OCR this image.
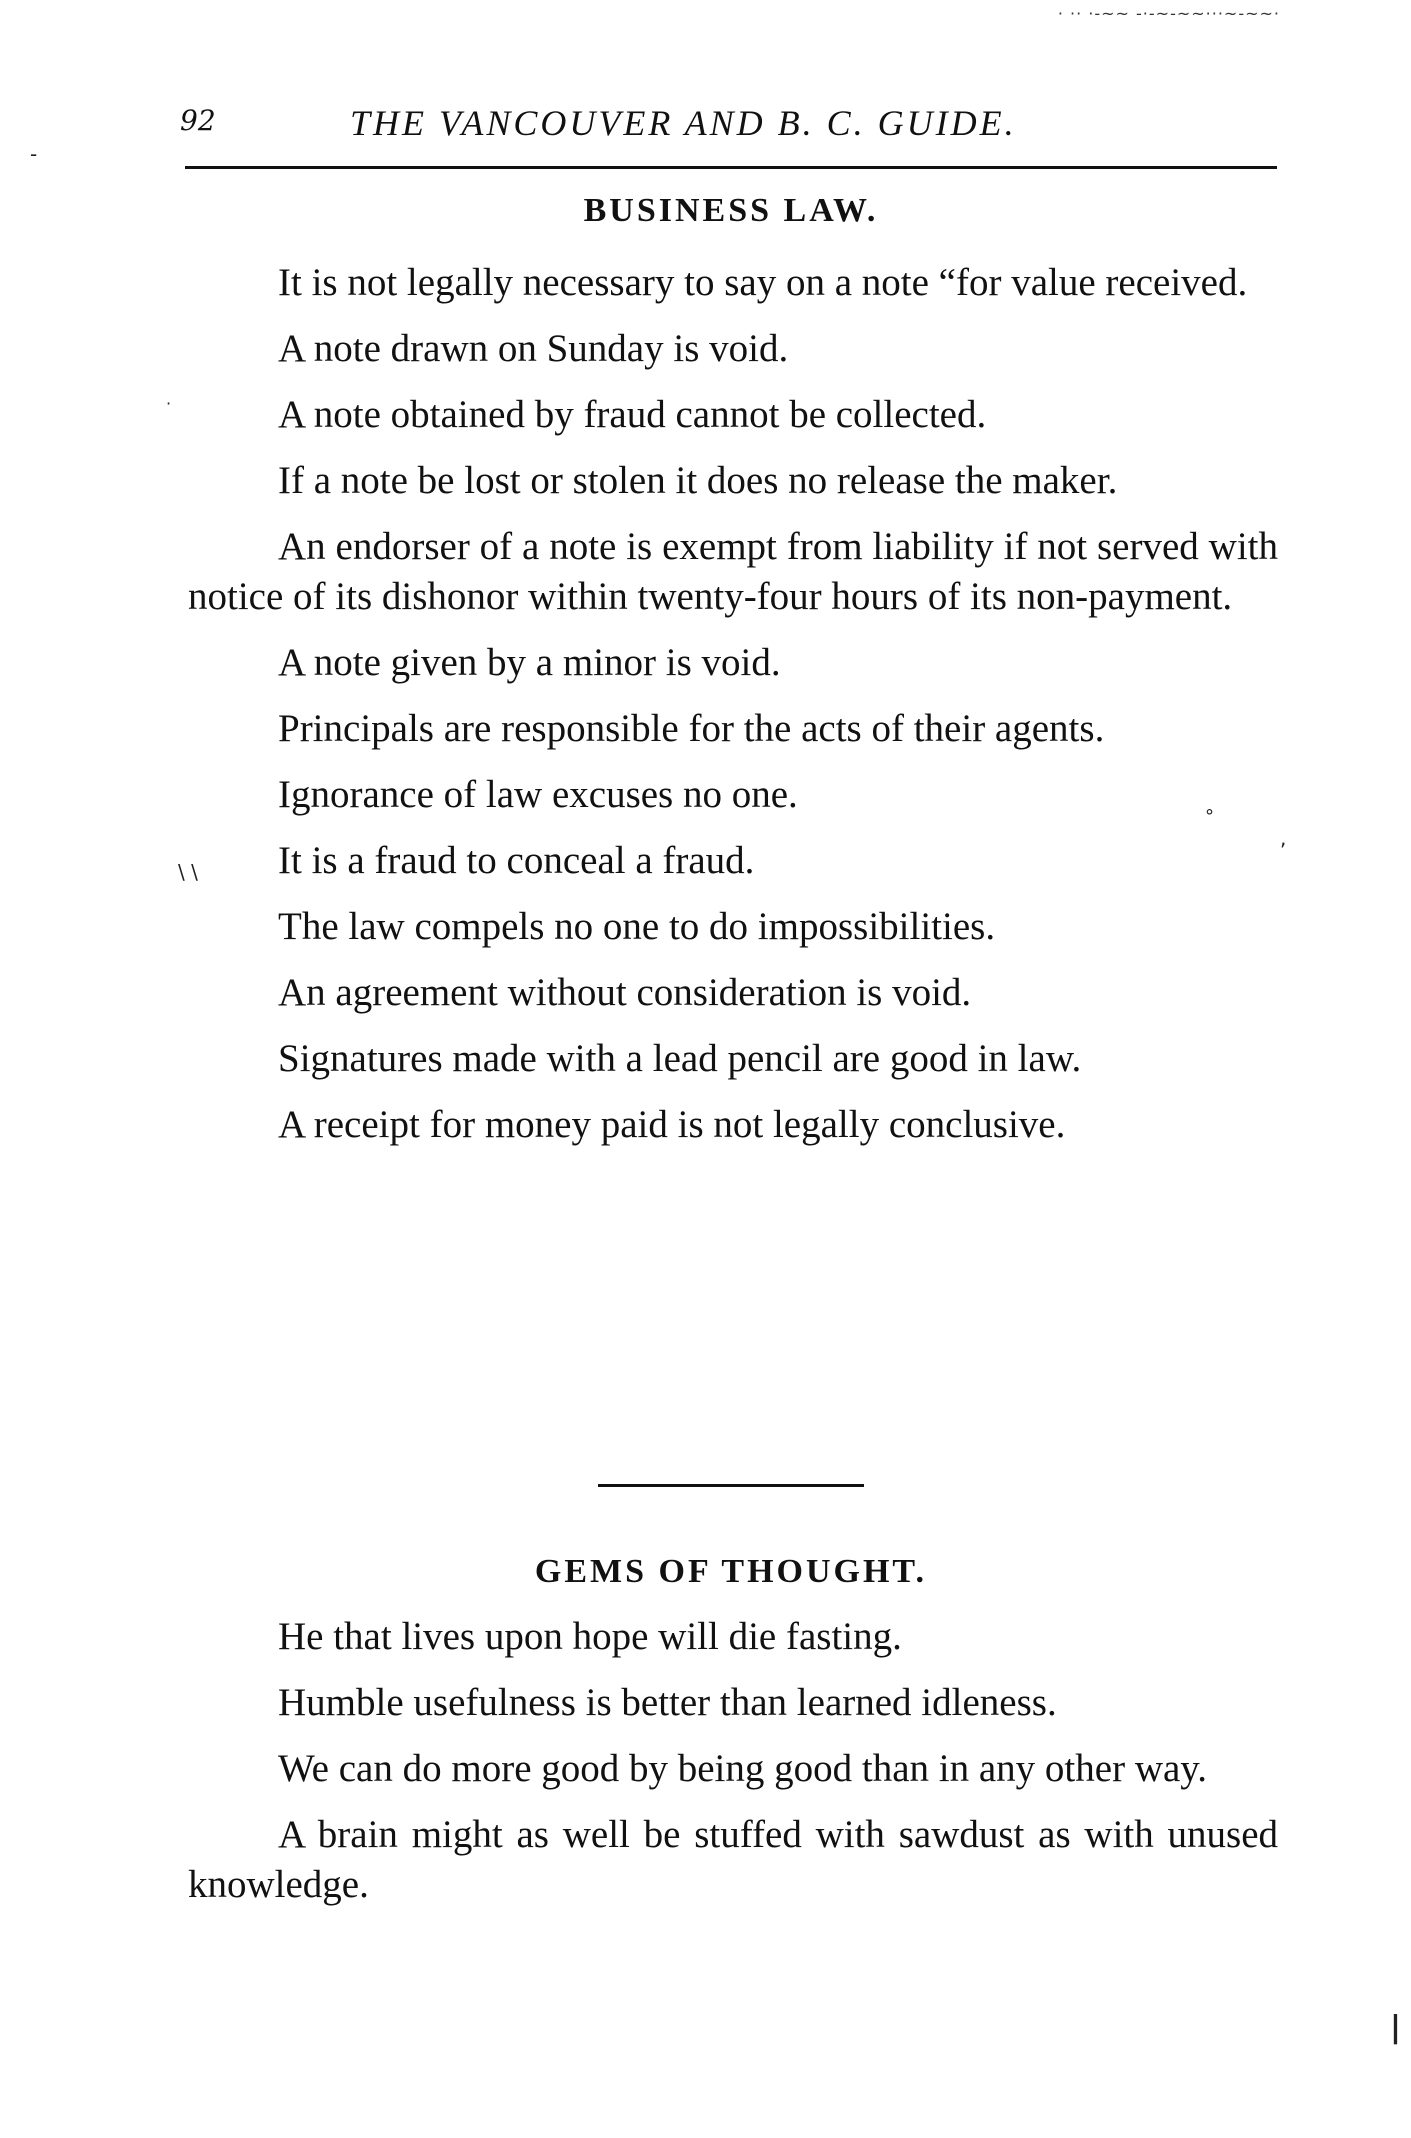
· ·· ·-~~ -·-~-~~···~-~~·
92	THE VANCOUVER AND B. C. GUIDE.
BUSINESS LAW.

It is not legally necessary to say on a note “for value received.

A note drawn on Sunday is void.

A note obtained by fraud cannot be collected.

If a note be lost or stolen it does no release the maker.

An endorser of a note is exempt from liability if not served with notice of its dishonor within twenty-four hours of its non-payment.

A note given by a minor is void.

Principals are responsible for the acts of their agents.

Ignorance of law excuses no one.

It is a fraud to conceal a fraud.

The law compels no one to do impossibilities.

An agreement without consideration is void.

Signatures made with a lead pencil are good in law.

A receipt for money paid is not legally conclusive.

GEMS OF THOUGHT.

He that lives upon hope will die fasting.

Humble usefulness is better than learned idleness.

We can do more good by being good than in any other way.

A brain might as well be stuffed with sawdust as with unused knowledge.

-
·
°
,
\ \
|
